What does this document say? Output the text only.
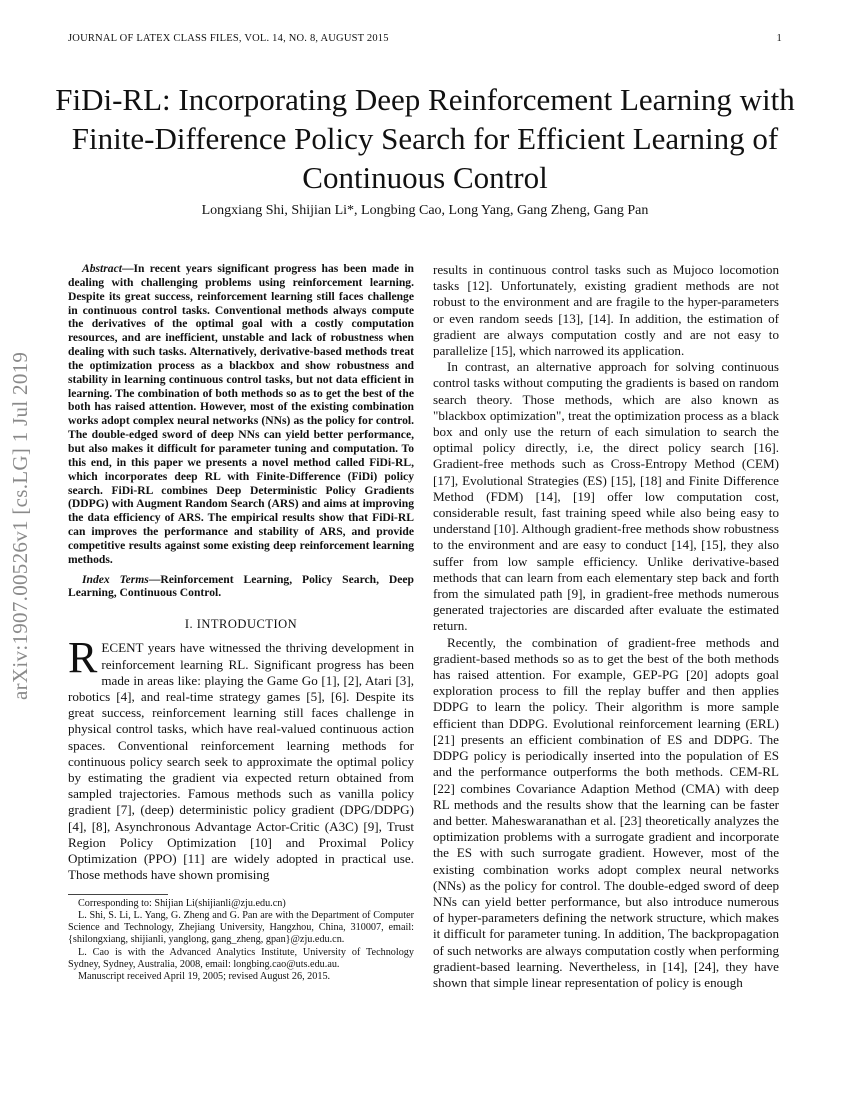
JOURNAL OF LATEX CLASS FILES, VOL. 14, NO. 8, AUGUST 2015	1
FiDi-RL: Incorporating Deep Reinforcement Learning with Finite-Difference Policy Search for Efficient Learning of Continuous Control
Longxiang Shi, Shijian Li*, Longbing Cao, Long Yang, Gang Zheng, Gang Pan
arXiv:1907.00526v1 [cs.LG] 1 Jul 2019

Abstract—In recent years significant progress has been made in dealing with challenging problems using reinforcement learning. Despite its great success, reinforcement learning still faces challenge in continuous control tasks. Conventional methods always compute the derivatives of the optimal goal with a costly computation resources, and are inefficient, unstable and lack of robustness when dealing with such tasks. Alternatively, derivative-based methods treat the optimization process as a blackbox and show robustness and stability in learning continuous control tasks, but not data efficient in learning. The combination of both methods so as to get the best of the both has raised attention. However, most of the existing combination works adopt complex neural networks (NNs) as the policy for control. The double-edged sword of deep NNs can yield better performance, but also makes it difficult for parameter tuning and computation. To this end, in this paper we presents a novel method called FiDi-RL, which incorporates deep RL with Finite-Difference (FiDi) policy search. FiDi-RL combines Deep Deterministic Policy Gradients (DDPG) with Augment Random Search (ARS) and aims at improving the data efficiency of ARS. The empirical results show that FiDi-RL can improves the performance and stability of ARS, and provide competitive results against some existing deep reinforcement learning methods.

Index Terms—Reinforcement Learning, Policy Search, Deep Learning, Continuous Control.

I. INTRODUCTION

RECENT years have witnessed the thriving development in reinforcement learning RL. Significant progress has been made in areas like: playing the Game Go [1], [2], Atari [3], robotics [4], and real-time strategy games [5], [6]. Despite its great success, reinforcement learning still faces challenge in physical control tasks, which have real-valued continuous action spaces. Conventional reinforcement learning methods for continuous policy search seek to approximate the optimal policy by estimating the gradient via expected return obtained from sampled trajectories. Famous methods such as vanilla policy gradient [7], (deep) deterministic policy gradient (DPG/DDPG) [4], [8], Asynchronous Advantage Actor-Critic (A3C) [9], Trust Region Policy Optimization [10] and Proximal Policy Optimization (PPO) [11] are widely adopted in practical use. Those methods have shown promising

Corresponding to: Shijian Li(shijianli@zju.edu.cn)

L. Shi, S. Li, L. Yang, G. Zheng and G. Pan are with the Department of Computer Science and Technology, Zhejiang University, Hangzhou, China, 310007, email:{shilongxiang, shijianli, yanglong, gang_zheng, gpan}@zju.edu.cn.

L. Cao is with the Advanced Analytics Institute, University of Technology Sydney, Sydney, Australia, 2008, email: longbing.cao@uts.edu.au.

Manuscript received April 19, 2005; revised August 26, 2015.

results in continuous control tasks such as Mujoco locomotion tasks [12]. Unfortunately, existing gradient methods are not robust to the environment and are fragile to the hyper-parameters or even random seeds [13], [14]. In addition, the estimation of gradient are always computation costly and are not easy to parallelize [15], which narrowed its application.

In contrast, an alternative approach for solving continuous control tasks without computing the gradients is based on random search theory. Those methods, which are also known as "blackbox optimization", treat the optimization process as a black box and only use the return of each simulation to search the optimal policy directly, i.e, the direct policy search [16]. Gradient-free methods such as Cross-Entropy Method (CEM) [17], Evolutional Strategies (ES) [15], [18] and Finite Difference Method (FDM) [14], [19] offer low computation cost, considerable result, fast training speed while also being easy to understand [10]. Although gradient-free methods show robustness to the environment and are easy to conduct [14], [15], they also suffer from low sample efficiency. Unlike derivative-based methods that can learn from each elementary step back and forth from the simulated path [9], in gradient-free methods numerous generated trajectories are discarded after evaluate the estimated return.

Recently, the combination of gradient-free methods and gradient-based methods so as to get the best of the both methods has raised attention. For example, GEP-PG [20] adopts goal exploration process to fill the replay buffer and then applies DDPG to learn the policy. Their algorithm is more sample efficient than DDPG. Evolutional reinforcement learning (ERL) [21] presents an efficient combination of ES and DDPG. The DDPG policy is periodically inserted into the population of ES and the performance outperforms the both methods. CEM-RL [22] combines Covariance Adaption Method (CMA) with deep RL methods and the results show that the learning can be faster and better. Maheswaranathan et al. [23] theoretically analyzes the optimization problems with a surrogate gradient and incorporate the ES with such surrogate gradient. However, most of the existing combination works adopt complex neural networks (NNs) as the policy for control. The double-edged sword of deep NNs can yield better performance, but also introduce numerous of hyper-parameters defining the network structure, which makes it difficult for parameter tuning. In addition, The backpropagation of such networks are always computation costly when performing gradient-based learning. Nevertheless, in [14], [24], they have shown that simple linear representation of policy is enough
